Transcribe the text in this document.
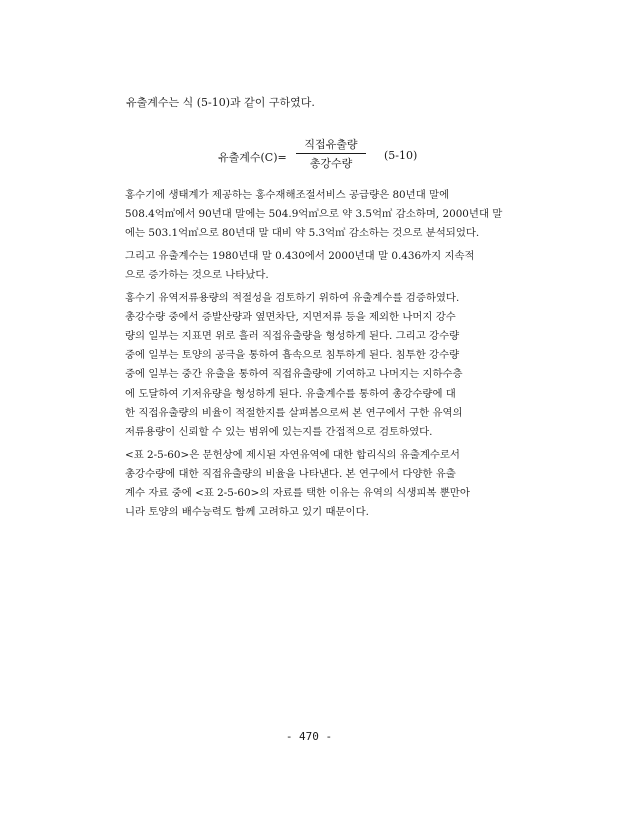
유출계수는 식 (5-10)과 같이 구하였다.

유출계수(C)=
직접유출량
총강수량
(5-10)

홍수기에 생태계가 제공하는 홍수재해조절서비스 공급량은 80년대 말에
508.4억㎥에서 90년대 말에는 504.9억㎥으로 약 3.5억㎥ 감소하며, 2000년대 말
에는 503.1억㎥으로 80년대 말 대비 약 5.3억㎥ 감소하는 것으로 분석되었다.

그리고 유출계수는 1980년대 말 0.430에서 2000년대 말 0.436까지 지속적
으로 증가하는 것으로 나타났다.

홍수기 유역저류용량의 적절성을 검토하기 위하여 유출계수를 검증하였다.
총강수량 중에서 증발산량과 옆면차단, 지면저류 등을 제외한 나머지 강수
량의 일부는 지표면 위로 흘러 직접유출량을 형성하게 된다. 그리고 강수량
중에 일부는 토양의 공극을 통하여 흡속으로 침투하게 된다. 침투한 강수량
중에 일부는 중간 유출을 통하여 직접유출량에 기여하고 나머지는 지하수층
에 도달하여 기저유량을 형성하게 된다. 유출계수를 통하여 총강수량에 대
한 직접유출량의 비율이 적절한지를 살펴봄으로써 본 연구에서 구한 유역의
저류용량이 신뢰할 수 있는 범위에 있는지를 간접적으로 검토하였다.

<표 2-5-60>은 문헌상에 제시된 자연유역에 대한 합리식의 유출계수로서
총강수량에 대한 직접유출량의 비율을 나타낸다. 본 연구에서 다양한 유출
계수 자료 중에 <표 2-5-60>의 자료를 택한 이유는 유역의 식생피복 뿐만아
니라 토양의 배수능력도 함께 고려하고 있기 때문이다.

- 470 -
